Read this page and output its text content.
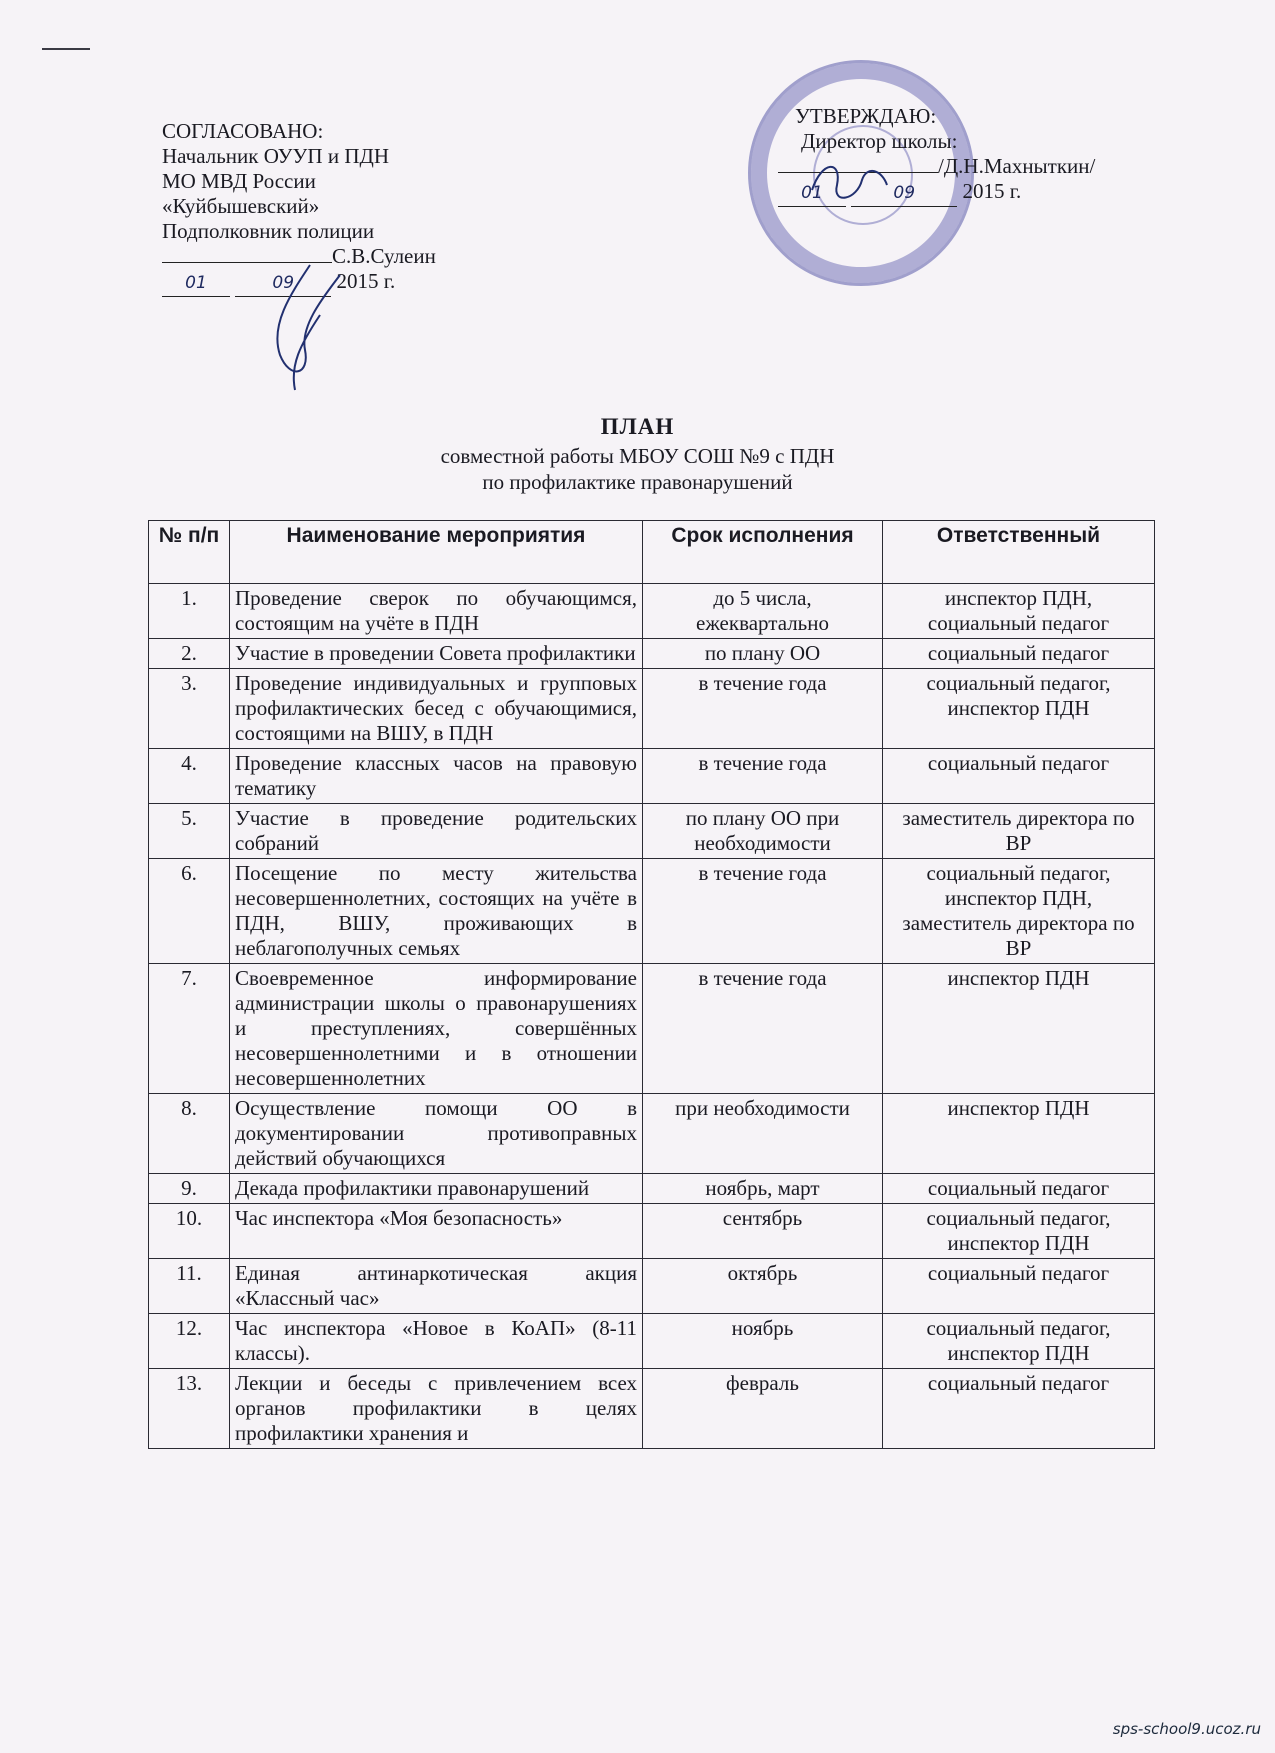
СОГЛАСОВАНО:
Начальник ОУУП и ПДН
МО МВД России
«Куйбышевский»
Подполковник полиции
С.В.Сулеин
01	09 2015 г.
УТВЕРЖДАЮ:
Директор школы:
/Д.Н.Махныткин/
01	09 2015 г.
ПЛАН
совместной работы МБОУ СОШ №9 с ПДН
по профилактике правонарушений
№ п/п	Наименование мероприятия	Срок исполнения	Ответственный
1.	Проведение сверок по обучающимся, состоящим на учёте в ПДН	до 5 числа, ежеквартально	инспектор ПДН, социальный педагог
2.	Участие в проведении Совета профилактики	по плану ОО	социальный педагог
3.	Проведение индивидуальных и групповых профилактических бесед с обучающимися, состоящими на ВШУ, в ПДН	в течение года	социальный педагог, инспектор ПДН
4.	Проведение классных часов на правовую тематику	в течение года	социальный педагог
5.	Участие в проведение родительских собраний	по плану ОО при необходимости	заместитель директора по ВР
6.	Посещение по месту жительства несовершеннолетних, состоящих на учёте в ПДН, ВШУ, проживающих в неблагополучных семьях	в течение года	социальный педагог, инспектор ПДН, заместитель директора по ВР
7.	Своевременное информирование администрации школы о правонарушениях и преступлениях, совершённых несовершеннолетними и в отношении несовершеннолетних	в течение года	инспектор ПДН
8.	Осуществление помощи ОО в документировании противоправных действий обучающихся	при необходимости	инспектор ПДН
9.	Декада профилактики правонарушений	ноябрь, март	социальный педагог
10.	Час инспектора «Моя безопасность»	сентябрь	социальный педагог, инспектор ПДН
11.	Единая антинаркотическая акция «Классный час»	октябрь	социальный педагог
12.	Час инспектора «Новое в КоАП» (8-11 классы).	ноябрь	социальный педагог, инспектор ПДН
13.	Лекции и беседы с привлечением всех органов профилактики в целях профилактики хранения и	февраль	социальный педагог
sps-school9.ucoz.ru
